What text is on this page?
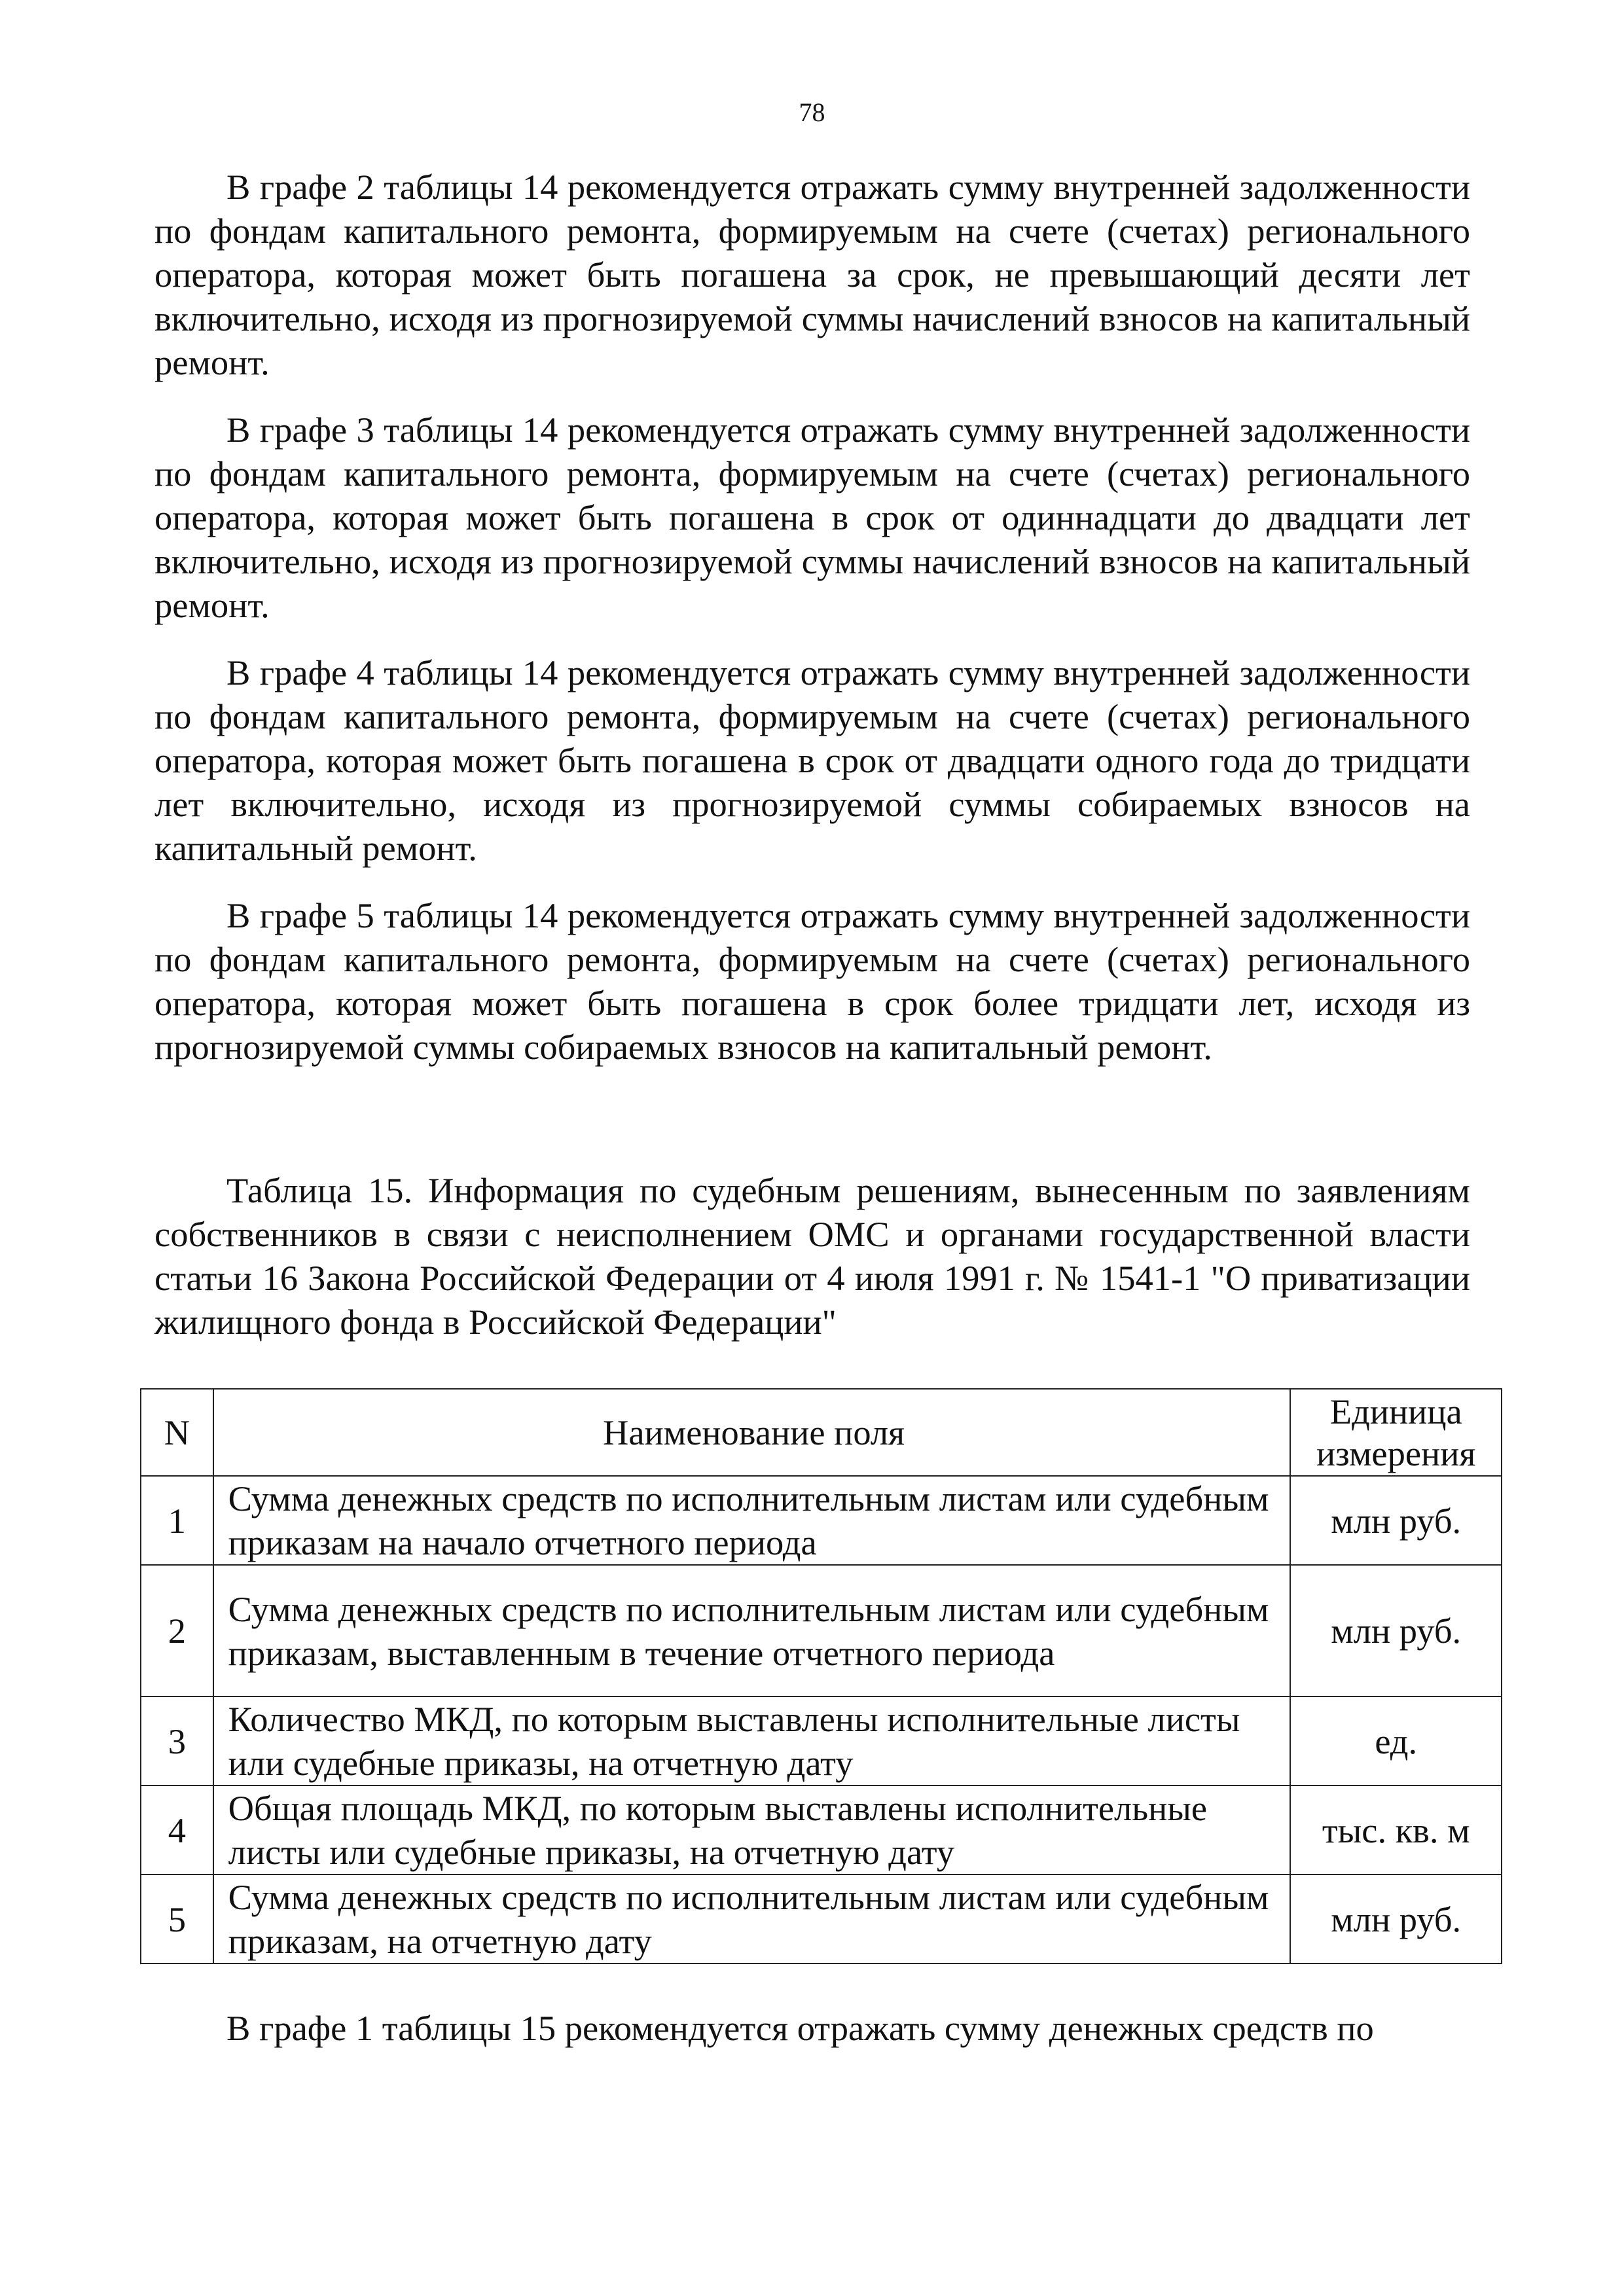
78

В графе 2 таблицы 14 рекомендуется отражать сумму внутренней задолженности по фондам капитального ремонта, формируемым на счете (счетах) регионального оператора, которая может быть погашена за срок, не превышающий десяти лет включительно, исходя из прогнозируемой суммы начислений взносов на капитальный ремонт.

В графе 3 таблицы 14 рекомендуется отражать сумму внутренней задолженности по фондам капитального ремонта, формируемым на счете (счетах) регионального оператора, которая может быть погашена в срок от одиннадцати до двадцати лет включительно, исходя из прогнозируемой суммы начислений взносов на капитальный ремонт.

В графе 4 таблицы 14 рекомендуется отражать сумму внутренней задолженности по фондам капитального ремонта, формируемым на счете (счетах) регионального оператора, которая может быть погашена в срок от двадцати одного года до тридцати лет включительно, исходя из прогнозируемой суммы собираемых взносов на капитальный ремонт.

В графе 5 таблицы 14 рекомендуется отражать сумму внутренней задолженности по фондам капитального ремонта, формируемым на счете (счетах) регионального оператора, которая может быть погашена в срок более тридцати лет, исходя из прогнозируемой суммы собираемых взносов на капитальный ремонт.

Таблица 15. Информация по судебным решениям, вынесенным по заявлениям собственников в связи с неисполнением ОМС и органами государственной власти статьи 16 Закона Российской Федерации от 4 июля 1991 г. № 1541-1 "О приватизации жилищного фонда в Российской Федерации"

N	Наименование поля	Единица
измерения
1	Сумма денежных средств по исполнительным листам или судебным приказам на начало отчетного периода	млн руб.
2	Сумма денежных средств по исполнительным листам или судебным приказам, выставленным в течение отчетного периода	млн руб.
3	Количество МКД, по которым выставлены исполнительные листы или судебные приказы, на отчетную дату	ед.
4	Общая площадь МКД, по которым выставлены исполнительные листы или судебные приказы, на отчетную дату	тыс. кв. м
5	Сумма денежных средств по исполнительным листам или судебным приказам, на отчетную дату	млн руб.

В графе 1 таблицы 15 рекомендуется отражать сумму денежных средств по
